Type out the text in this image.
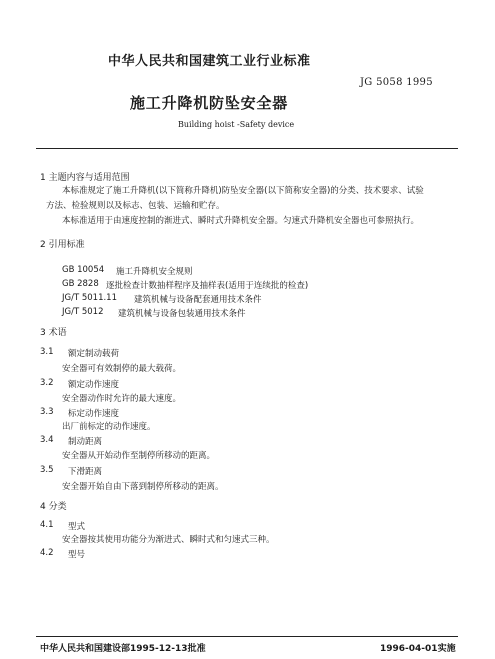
中华人民共和国建筑工业行业标准
JG 5058 1995
施工升降机防坠安全器
Building hoist -Safety device
1 主题内容与适用范围
本标准规定了施工升降机(以下简称升降机)防坠安全器(以下简称安全器)的分类、技术要求、试验
方法、检验规则以及标志、包装、运输和贮存。
本标准适用于由速度控制的渐进式、瞬时式升降机安全器。匀速式升降机安全器也可参照执行。
2 引用标准
GB 10054 施工升降机安全规则
GB 2828 逐批检查计数抽样程序及抽样表(适用于连续批的检查)
JG/T 5011.11 建筑机械与设备配套通用技术条件
JG/T 5012 建筑机械与设备包装通用技术条件
3 术语
3.1 额定制动载荷
安全器可有效制停的最大载荷。
3.2 额定动作速度
安全器动作时允许的最大速度。
3.3 标定动作速度
出厂前标定的动作速度。
3.4 制动距离
安全器从开始动作至制停所移动的距离。
3.5 下滑距离
安全器开始自由下落到制停所移动的距离。
4 分类
4.1 型式
安全器按其使用功能分为渐进式、瞬时式和匀速式三种。
4.2 型号
中华人民共和国建设部1995-12-13批准	1996-04-01实施
